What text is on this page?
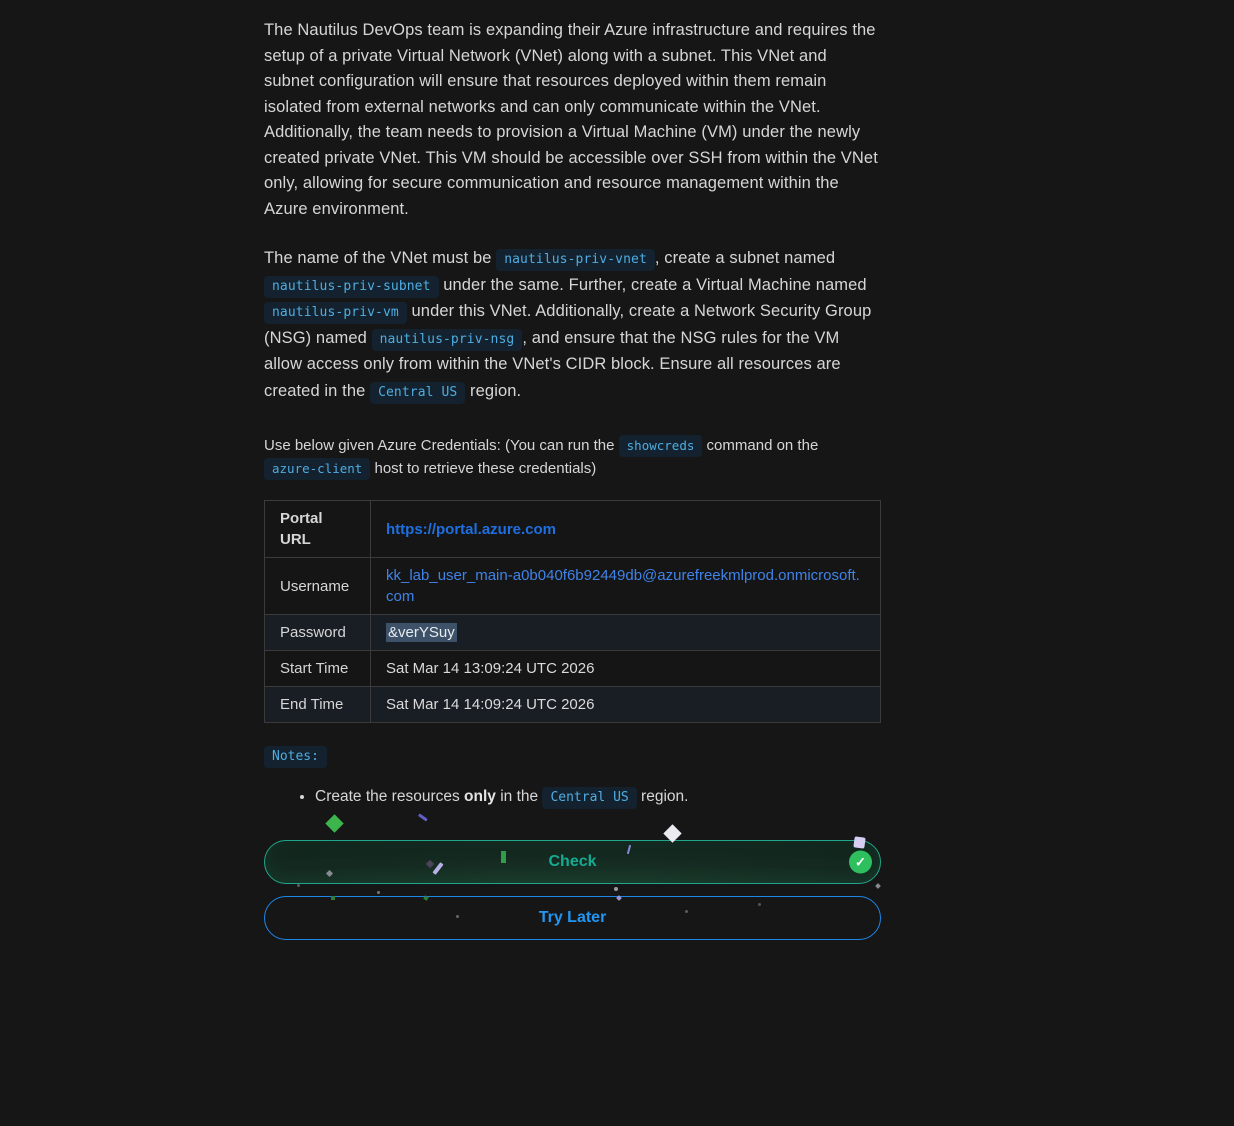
The Nautilus DevOps team is expanding their Azure infrastructure and requires the setup of a private Virtual Network (VNet) along with a subnet. This VNet and subnet configuration will ensure that resources deployed within them remain isolated from external networks and can only communicate within the VNet. Additionally, the team needs to provision a Virtual Machine (VM) under the newly created private VNet. This VM should be accessible over SSH from within the VNet only, allowing for secure communication and resource management within the Azure environment.

The name of the VNet must be nautilus-priv-vnet , create a subnet named nautilus-priv-subnet under the same. Further, create a Virtual Machine named nautilus-priv-vm under this VNet. Additionally, create a Network Security Group (NSG) named nautilus-priv-nsg , and ensure that the NSG rules for the VM allow access only from within the VNet's CIDR block. Ensure all resources are created in the Central US region.

Use below given Azure Credentials: (You can run the showcreds command on the azure-client host to retrieve these credentials)

Portal URL	https://portal.azure.com
Username	kk_lab_user_main-a0b040f6b92449db@azurefreekmlprod.onmicrosoft.com
Password	&verYSuy
Start Time	Sat Mar 14 13:09:24 UTC 2026
End Time	Sat Mar 14 14:09:24 UTC 2026
Notes:
• Create the resources only in the Central US region.
Check	✓
Try Later
